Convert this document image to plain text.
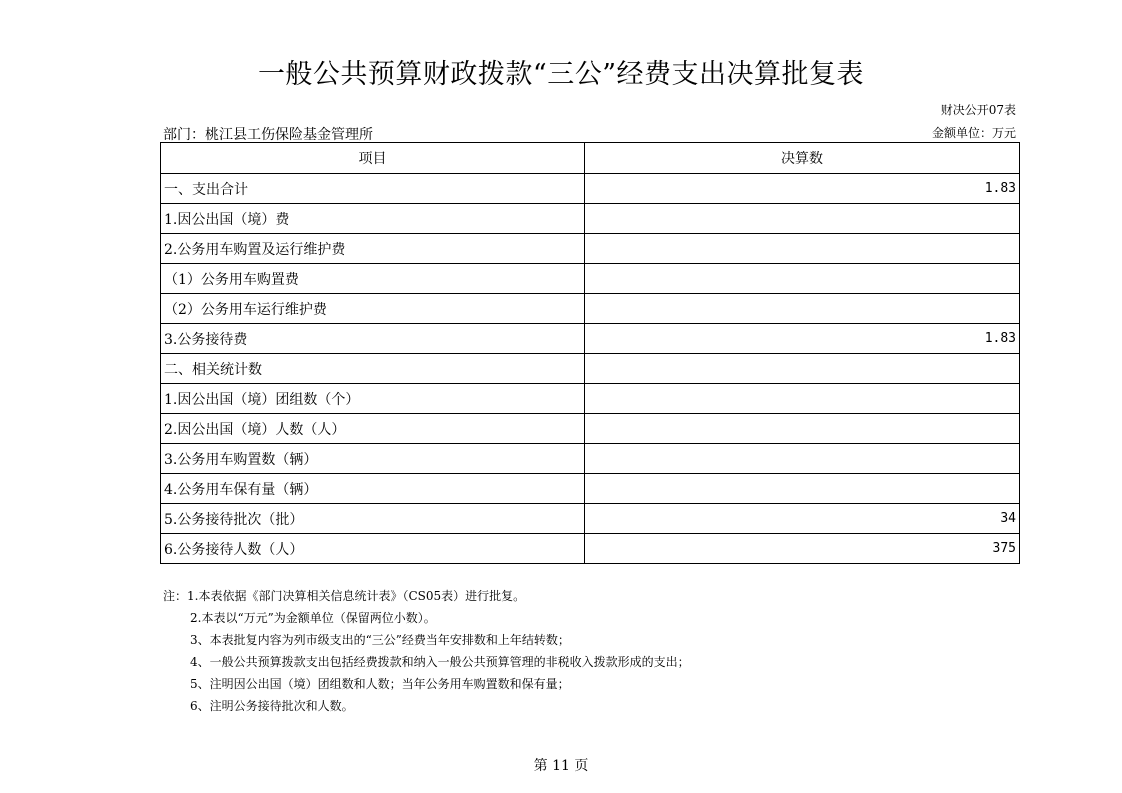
一般公共预算财政拨款“三公”经费支出决算批复表
财决公开07表
部门：桃江县工伤保险基金管理所	金额单位：万元
项目	决算数
一、支出合计	1.83
1.因公出国（境）费	
2.公务用车购置及运行维护费	
（1）公务用车购置费	
（2）公务用车运行维护费	
3.公务接待费	1.83
二、相关统计数	
1.因公出国（境）团组数（个）	
2.因公出国（境）人数（人）	
3.公务用车购置数（辆）	
4.公务用车保有量（辆）	
5.公务接待批次（批）	34
6.公务接待人数（人）	375
注：1.本表依据《部门决算相关信息统计表》（CS05表）进行批复。
2.本表以“万元”为金额单位（保留两位小数）。
3、本表批复内容为列市级支出的“三公”经费当年安排数和上年结转数；
4、一般公共预算拨款支出包括经费拨款和纳入一般公共预算管理的非税收入拨款形成的支出；
5、注明因公出国（境）团组数和人数；当年公务用车购置数和保有量；
6、注明公务接待批次和人数。
第 11 页
